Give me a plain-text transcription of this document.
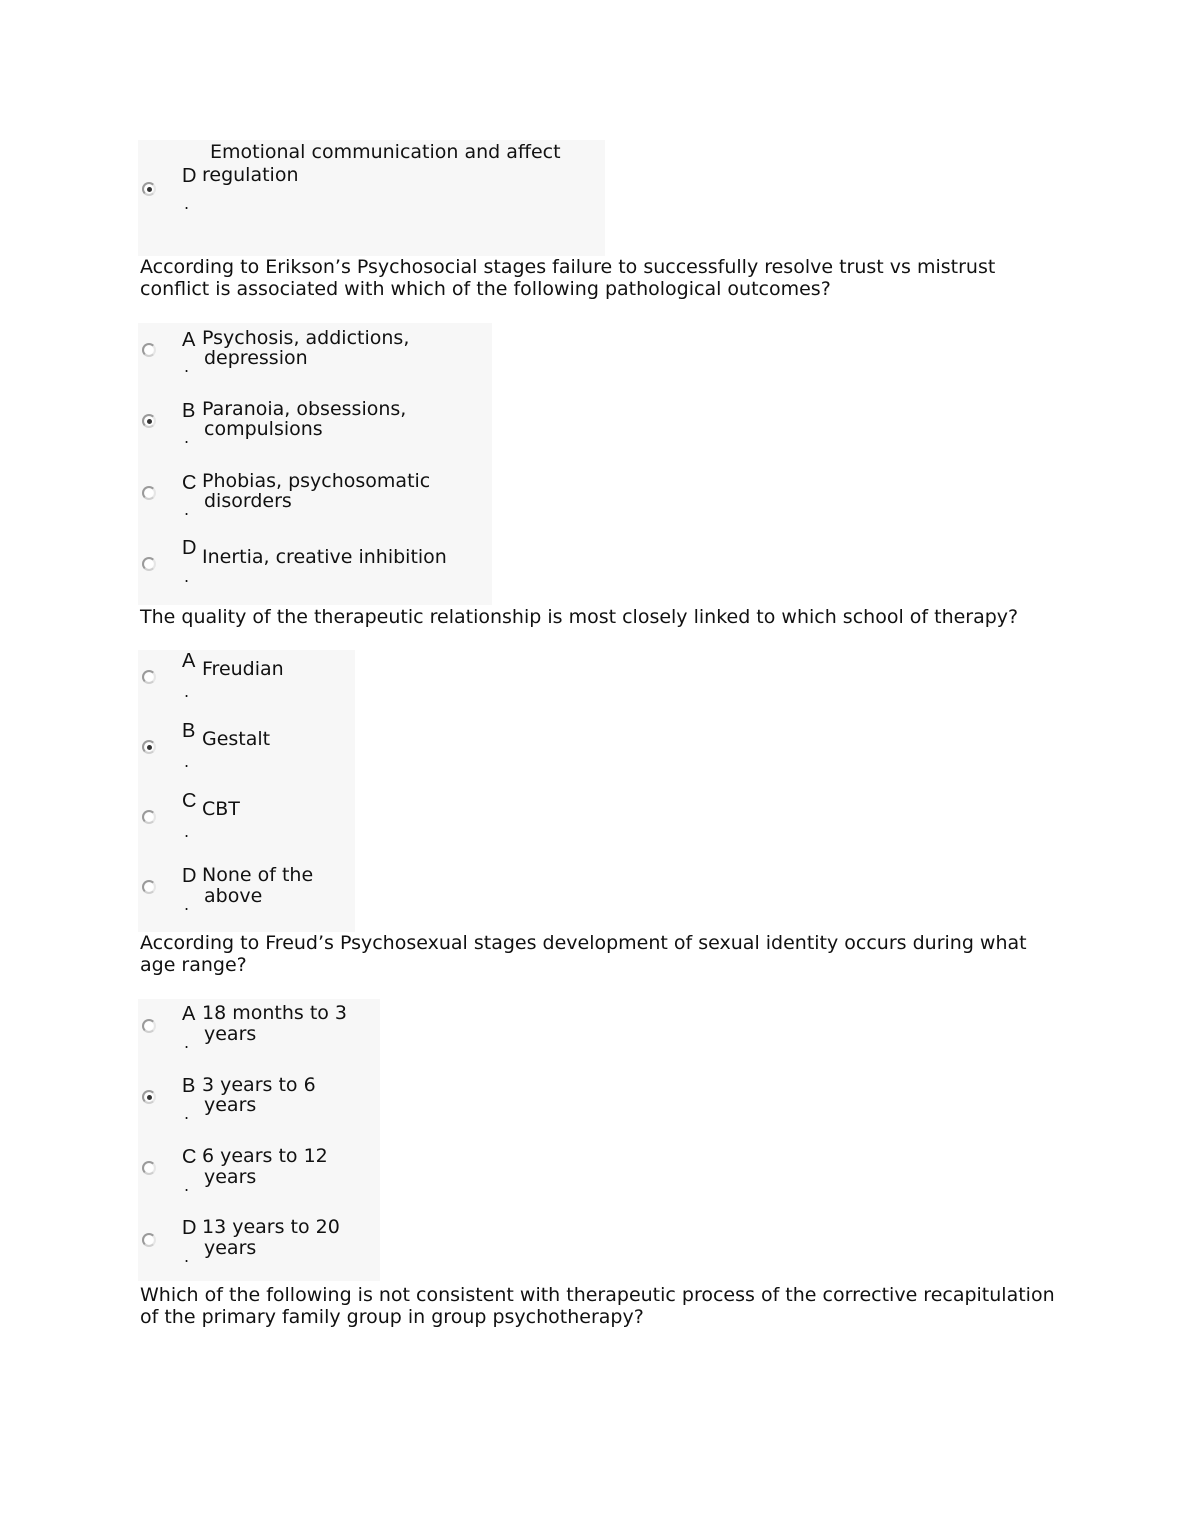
Emotional communication and affect
D regulation
.

According to Erikson’s Psychosocial stages failure to successfully resolve trust vs mistrust conflict is associated with which of the following pathological outcomes?

A Psychosis, addictions,
depression
.
B Paranoia, obsessions,
compulsions
.
C Phobias, psychosomatic
disorders
.
D Inertia, creative inhibition
.

The quality of the therapeutic relationship is most closely linked to which school of therapy?

A Freudian
.
B Gestalt
.
C CBT
.
D None of the
above
.

According to Freud’s Psychosexual stages development of sexual identity occurs during what age range?

A 18 months to 3
years
.
B 3 years to 6
years
.
C 6 years to 12
years
.
D 13 years to 20
years
.

Which of the following is not consistent with therapeutic process of the corrective recapitulation of the primary family group in group psychotherapy?
